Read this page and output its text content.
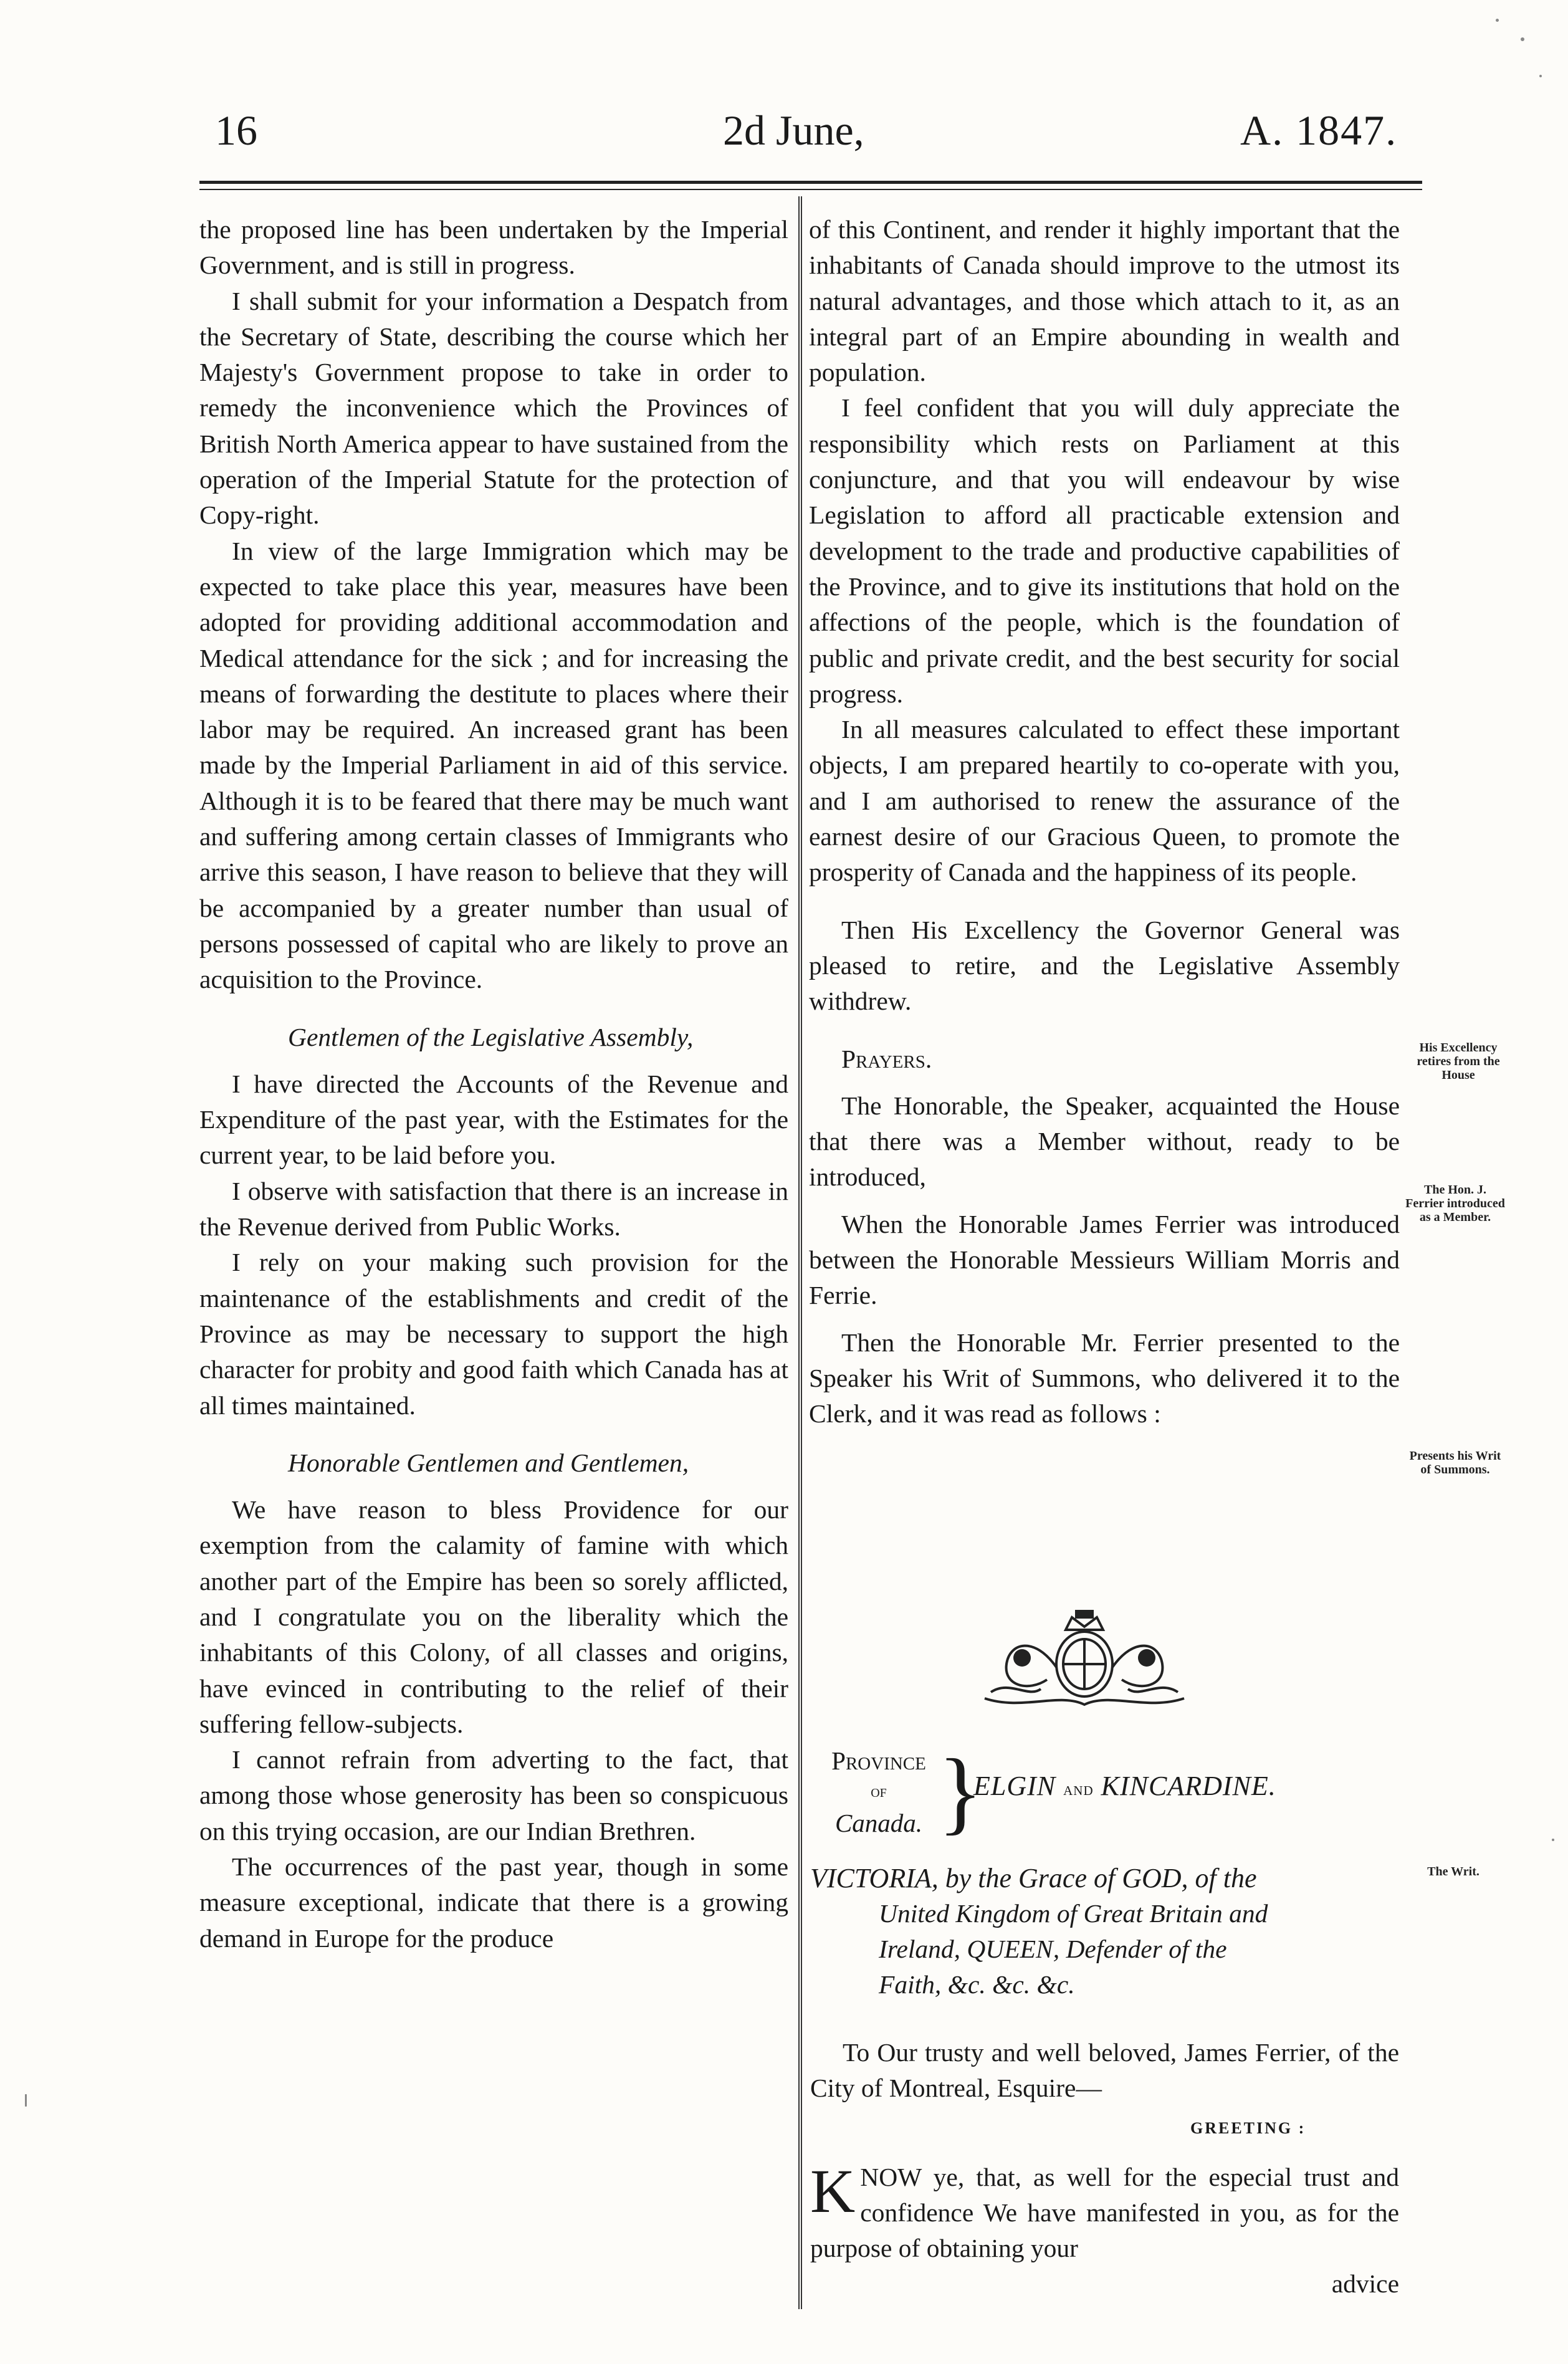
16	2d June,	A. 1847.

the proposed line has been undertaken by the Imperial Government, and is still in progress.

I shall submit for your information a Despatch from the Secretary of State, describing the course which her Majesty's Government propose to take in order to remedy the inconvenience which the Provinces of British North America appear to have sustained from the operation of the Imperial Statute for the protection of Copy-right.

In view of the large Immigration which may be expected to take place this year, measures have been adopted for providing additional accommodation and Medical attendance for the sick ; and for increasing the means of forwarding the destitute to places where their labor may be required. An increased grant has been made by the Imperial Parliament in aid of this service. Although it is to be feared that there may be much want and suffering among certain classes of Immigrants who arrive this season, I have reason to believe that they will be accompanied by a greater number than usual of persons possessed of capital who are likely to prove an acquisition to the Province.

Gentlemen of the Legislative Assembly,

I have directed the Accounts of the Revenue and Expenditure of the past year, with the Estimates for the current year, to be laid before you.

I observe with satisfaction that there is an increase in the Revenue derived from Public Works.

I rely on your making such provision for the maintenance of the establishments and credit of the Province as may be necessary to support the high character for probity and good faith which Canada has at all times maintained.

Honorable Gentlemen and Gentlemen,

We have reason to bless Providence for our exemption from the calamity of famine with which another part of the Empire has been so sorely afflicted, and I congratulate you on the liberality which the inhabitants of this Colony, of all classes and origins, have evinced in contributing to the relief of their suffering fellow-subjects.

I cannot refrain from adverting to the fact, that among those whose generosity has been so conspicuous on this trying occasion, are our Indian Brethren.

The occurrences of the past year, though in some measure exceptional, indicate that there is a growing demand in Europe for the produce

of this Continent, and render it highly important that the inhabitants of Canada should improve to the utmost its natural advantages, and those which attach to it, as an integral part of an Empire abounding in wealth and population.

I feel confident that you will duly appreciate the responsibility which rests on Parliament at this conjuncture, and that you will endeavour by wise Legislation to afford all practicable extension and development to the trade and productive capabilities of the Province, and to give its institutions that hold on the affections of the people, which is the foundation of public and private credit, and the best security for social progress.

In all measures calculated to effect these important objects, I am prepared heartily to co-operate with you, and I am authorised to renew the assurance of the earnest desire of our Gracious Queen, to promote the prosperity of Canada and the happiness of its people.

Then His Excellency the Governor General was pleased to retire, and the Legislative Assembly withdrew.

Prayers.

The Honorable, the Speaker, acquainted the House that there was a Member without, ready to be introduced,

When the Honorable James Ferrier was introduced between the Honorable Messieurs William Morris and Ferrie.

Then the Honorable Mr. Ferrier presented to the Speaker his Writ of Summons, who delivered it to the Clerk, and it was read as follows :

His Excellency retires from the House
The Hon. J. Ferrier introduced as a Member.
Presents his Writ of Summons.
The Writ.
Province
of
Canada. }
ELGIN and KINCARDINE.

VICTORIA, by the Grace of GOD, of the

United Kingdom of Great Britain and

Ireland, QUEEN, Defender of the

Faith, &c. &c. &c.

To Our trusty and well beloved, James Ferrier, of the City of Montreal, Esquire—

GREETING :
K NOW ye, that, as well for the especial trust and confidence We have manifested in you, as for the purpose of obtaining your
advice
